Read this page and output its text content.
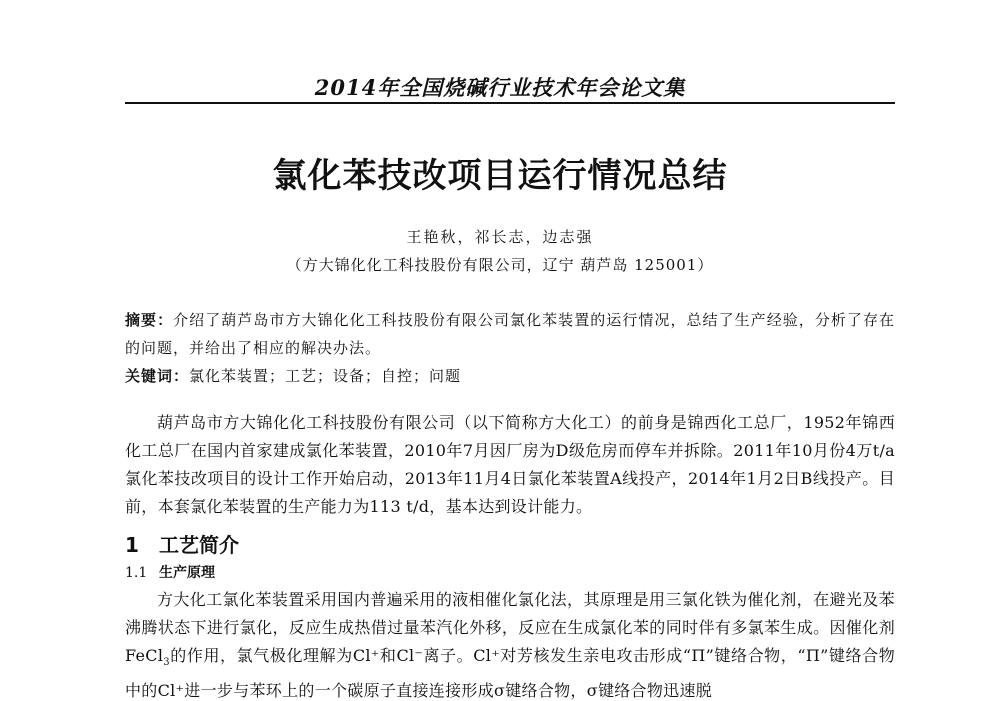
2014年全国烧碱行业技术年会论文集
氯化苯技改项目运行情况总结
王艳秋，祁长志，边志强
（方大锦化化工科技股份有限公司，辽宁 葫芦岛 125001）
摘要：介绍了葫芦岛市方大锦化化工科技股份有限公司氯化苯装置的运行情况，总结了生产经验，分析了存在的问题，并给出了相应的解决办法。
关键词：氯化苯装置；工艺；设备；自控；问题
葫芦岛市方大锦化化工科技股份有限公司（以下简称方大化工）的前身是锦西化工总厂，1952年锦西化工总厂在国内首家建成氯化苯装置，2010年7月因厂房为D级危房而停车并拆除。2011年10月份4万t/a氯化苯技改项目的设计工作开始启动，2013年11月4日氯化苯装置A线投产，2014年1月2日B线投产。目前，本套氯化苯装置的生产能力为113 t/d，基本达到设计能力。
1 工艺简介
1.1 生产原理
方大化工氯化苯装置采用国内普遍采用的液相催化氯化法，其原理是用三氯化铁为催化剂，在避光及苯沸腾状态下进行氯化，反应生成热借过量苯汽化外移，反应在生成氯化苯的同时伴有多氯苯生成。因催化剂FeCl$_3$的作用，氯气极化理解为Cl⁺和Cl⁻离子。Cl⁺对芳核发生亲电攻击形成“Π”键络合物，“Π”键络合物中的Cl⁺进一步与苯环上的一个碳原子直接连接形成σ键络合物，σ键络合物迅速脱
